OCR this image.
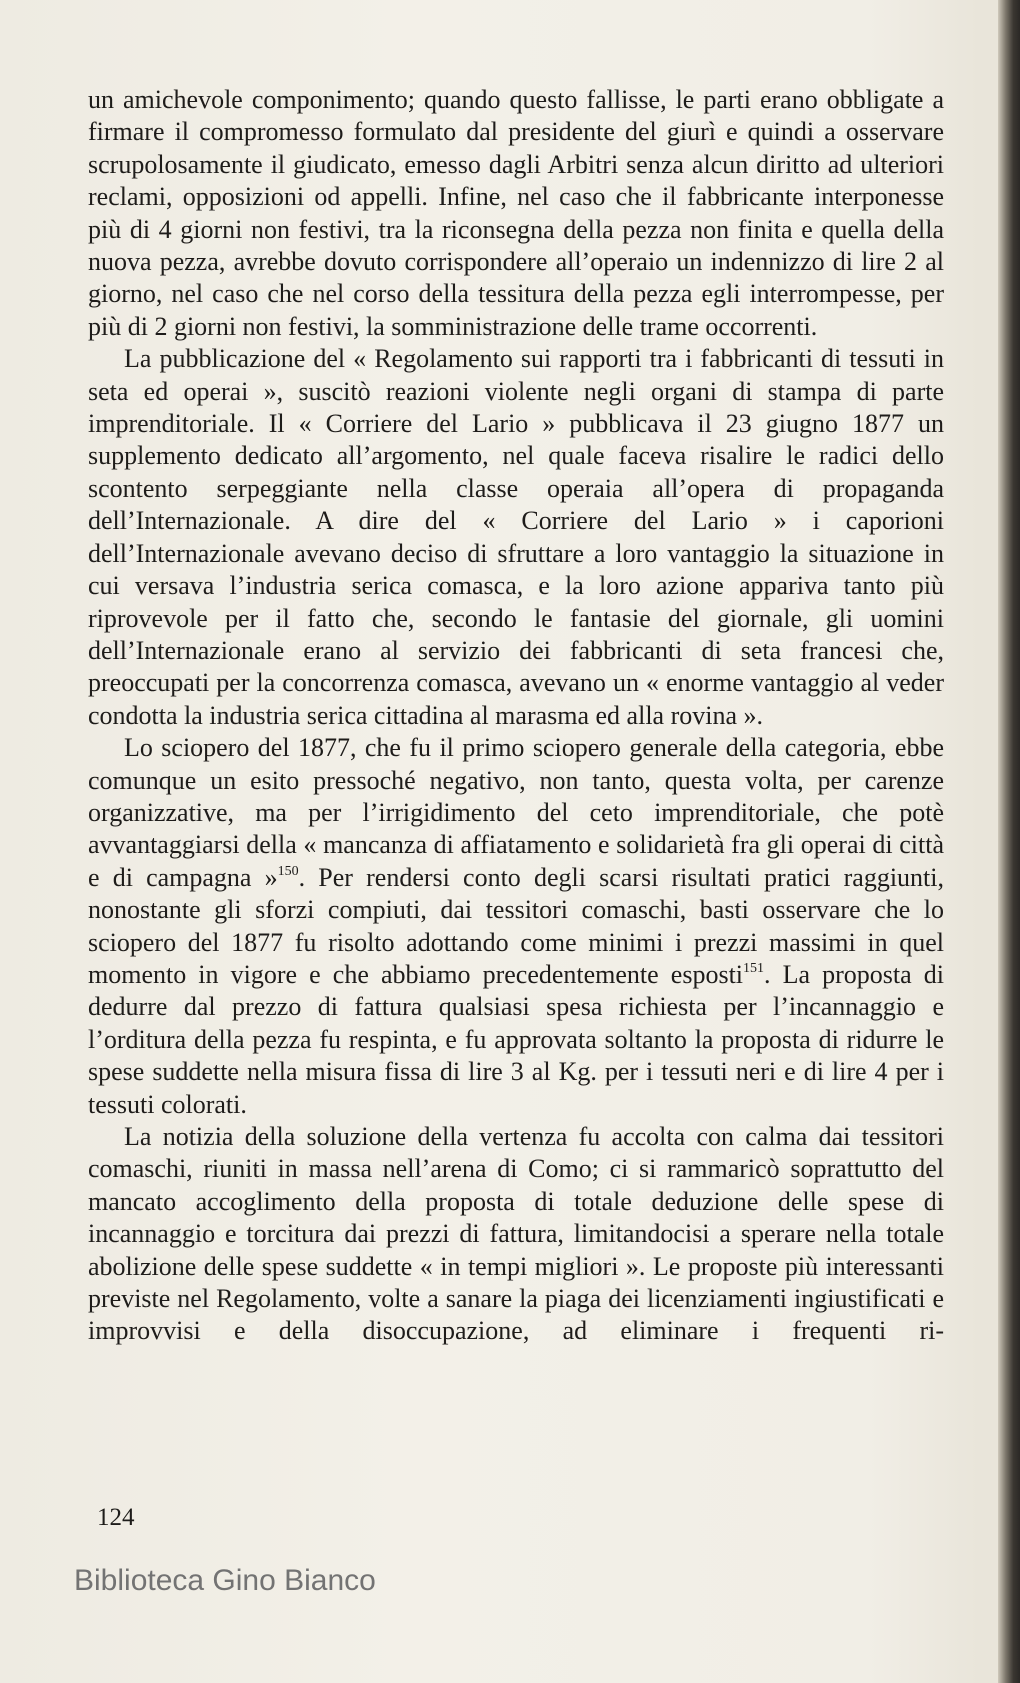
un amichevole componimento; quando questo fallisse, le parti erano obbligate a firmare il compromesso formulato dal presidente del giurì e quindi a osservare scrupolosamente il giudicato, emesso dagli Arbitri senza alcun diritto ad ulteriori reclami, opposizioni od appelli. Infine, nel caso che il fabbricante interponesse più di 4 giorni non festivi, tra la riconsegna della pezza non finita e quella della nuova pezza, avrebbe dovuto corrispondere all’operaio un indennizzo di lire 2 al giorno, nel caso che nel corso della tessitura della pezza egli interrompesse, per più di 2 giorni non festivi, la somministrazione delle trame occorrenti.

La pubblicazione del « Regolamento sui rapporti tra i fabbricanti di tessuti in seta ed operai », suscitò reazioni violente negli organi di stampa di parte imprenditoriale. Il « Corriere del Lario » pubblicava il 23 giugno 1877 un supplemento dedicato all’argomento, nel quale faceva risalire le radici dello scontento serpeggiante nella classe operaia all’opera di propaganda dell’Internazionale. A dire del « Corriere del Lario » i caporioni dell’Internazionale avevano deciso di sfruttare a loro vantaggio la situazione in cui versava l’industria serica comasca, e la loro azione appariva tanto più riprovevole per il fatto che, secondo le fantasie del giornale, gli uomini dell’Internazionale erano al servizio dei fabbricanti di seta francesi che, preoccupati per la concorrenza comasca, avevano un « enorme vantaggio al veder condotta la industria serica cittadina al marasma ed alla rovina ».

Lo sciopero del 1877, che fu il primo sciopero generale della categoria, ebbe comunque un esito pressoché negativo, non tanto, questa volta, per carenze organizzative, ma per l’irrigidimento del ceto imprenditoriale, che potè avvantaggiarsi della « mancanza di affiatamento e solidarietà fra gli operai di città e di campagna »$^{150}$. Per rendersi conto degli scarsi risultati pratici raggiunti, nonostante gli sforzi compiuti, dai tessitori comaschi, basti osservare che lo sciopero del 1877 fu risolto adottando come minimi i prezzi massimi in quel momento in vigore e che abbiamo precedentemente esposti$^{151}$. La proposta di dedurre dal prezzo di fattura qualsiasi spesa richiesta per l’incannaggio e l’orditura della pezza fu respinta, e fu approvata soltanto la proposta di ridurre le spese suddette nella misura fissa di lire 3 al Kg. per i tessuti neri e di lire 4 per i tessuti colorati.

La notizia della soluzione della vertenza fu accolta con calma dai tessitori comaschi, riuniti in massa nell’arena di Como; ci si rammaricò soprattutto del mancato accoglimento della proposta di totale deduzione delle spese di incannaggio e torcitura dai prezzi di fattura, limitandocisi a sperare nella totale abolizione delle spese suddette « in tempi migliori ». Le proposte più interessanti previste nel Regolamento, volte a sanare la piaga dei licenziamenti ingiustificati e improvvisi e della disoccupazione, ad eliminare i frequenti ri-

124
Biblioteca Gino Bianco
